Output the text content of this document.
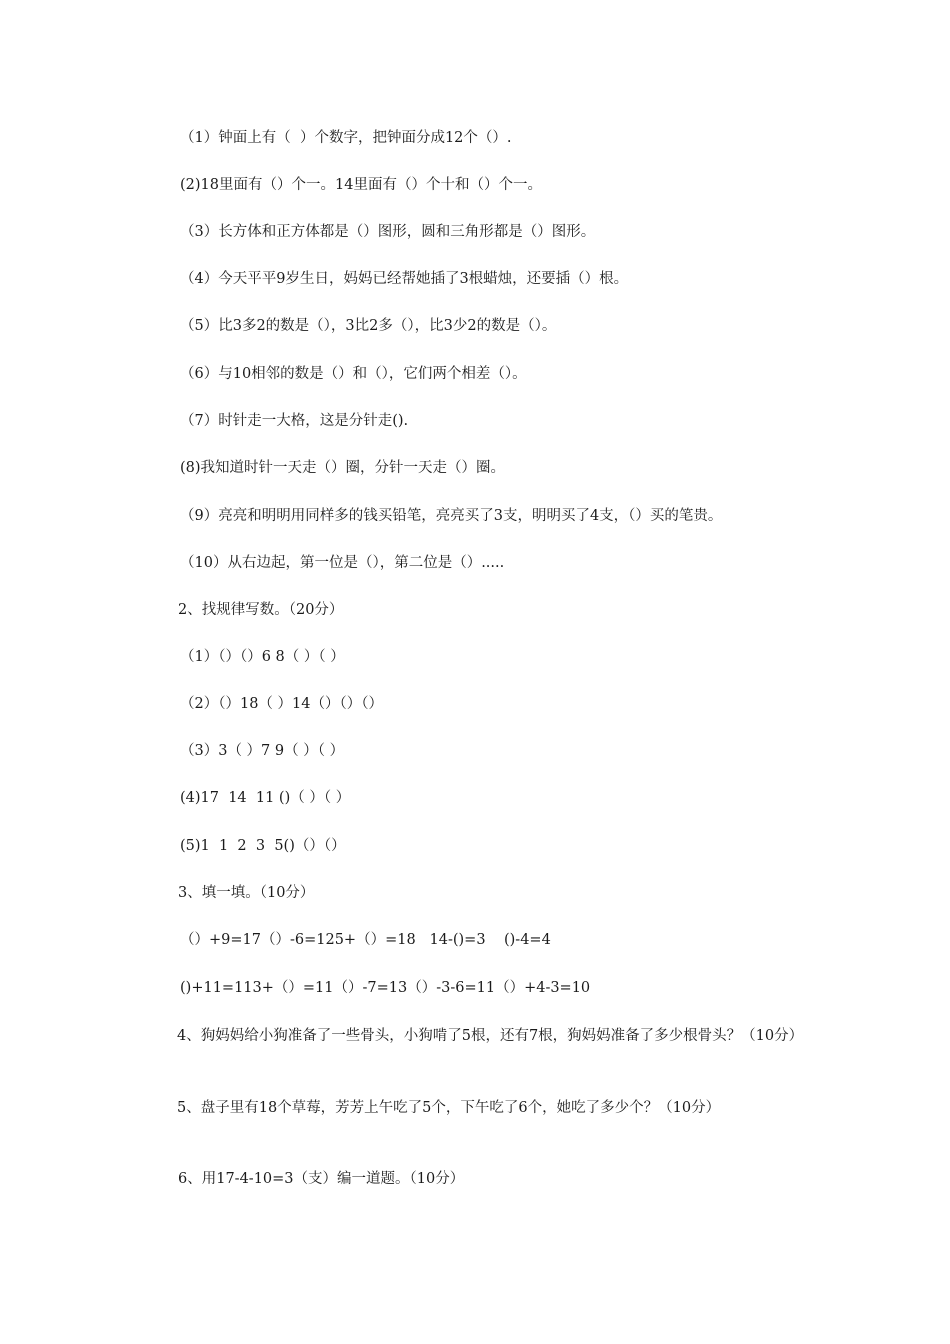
（1）钟面上有（  ）个数字，把钟面分成12个（）.
(2)18里面有（）个一。14里面有（）个十和（）个一。
（3）长方体和正方体都是（）图形，圆和三角形都是（）图形。
（4）今天平平9岁生日，妈妈已经帮她插了3根蜡烛，还要插（）根。
（5）比3多2的数是（），3比2多（），比3少2的数是（）。
（6）与10相邻的数是（）和（），它们两个相差（）。
（7）时针走一大格，这是分针走().
(8)我知道时针一天走（）圈，分针一天走（）圈。
（9）亮亮和明明用同样多的钱买铅笔，亮亮买了3支，明明买了4支，（）买的笔贵。
（10）从右边起，第一位是（），第二位是（）.....
2、找规律写数。（20分）
（1）（）（）6 8（ ）（ ）
（2）（）18（ ）14（）（）（）
（3）3（ ）7 9（ ）（ ）
(4)17  14  11 ()（ ）（ ）
(5)1  1  2  3  5()（）（）
3、填一填。（10分）
（）+9=17（）-6=125+（）=18   14-()=3    ()-4=4
()+11=113+（）=11（）-7=13（）-3-6=11（）+4-3=10
4、狗妈妈给小狗准备了一些骨头，小狗啃了5根，还有7根，狗妈妈准备了多少根骨头？（10分）
5、盘子里有18个草莓，芳芳上午吃了5个，下午吃了6个，她吃了多少个？（10分）
6、用17-4-10=3（支）编一道题。（10分）
